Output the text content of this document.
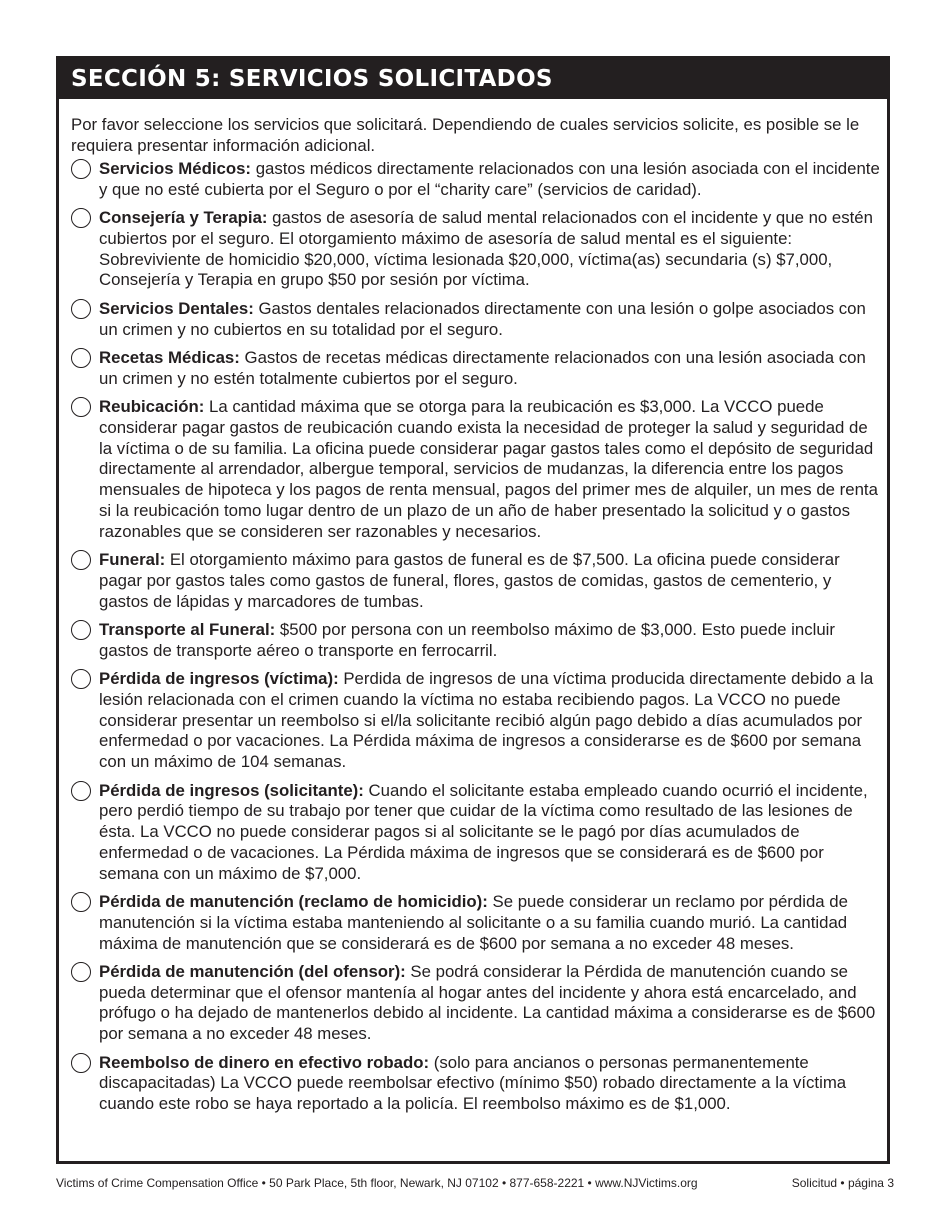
SECCIÓN 5: SERVICIOS SOLICITADOS
Por favor seleccione los servicios que solicitará. Dependiendo de cuales servicios solicite, es posible se le requiera presentar información adicional.
Servicios Médicos: gastos médicos directamente relacionados con una lesión asociada con el incidente y que no esté cubierta por el Seguro o por el “charity care” (servicios de caridad).
Consejería y Terapia: gastos de asesoría de salud mental relacionados con el incidente y que no estén cubiertos por el seguro. El otorgamiento máximo de asesoría de salud mental es el siguiente: Sobreviviente de homicidio $20,000, víctima lesionada $20,000, víctima(as) secundaria (s) $7,000, Consejería y Terapia en grupo $50 por sesión por víctima.
Servicios Dentales: Gastos dentales relacionados directamente con una lesión o golpe asociados con un crimen y no cubiertos en su totalidad por el seguro.
Recetas Médicas: Gastos de recetas médicas directamente relacionados con una lesión asociada con un crimen y no estén totalmente cubiertos por el seguro.
Reubicación: La cantidad máxima que se otorga para la reubicación es $3,000. La VCCO puede considerar pagar gastos de reubicación cuando exista la necesidad de proteger la salud y seguridad de la víctima o de su familia. La oficina puede considerar pagar gastos tales como el depósito de seguridad directamente al arrendador, albergue temporal, servicios de mudanzas, la diferencia entre los pagos mensuales de hipoteca y los pagos de renta mensual, pagos del primer mes de alquiler, un mes de renta si la reubicación tomo lugar dentro de un plazo de un año de haber presentado la solicitud y o gastos razonables que se consideren ser razonables y necesarios.
Funeral: El otorgamiento máximo para gastos de funeral es de $7,500. La oficina puede considerar pagar por gastos tales como gastos de funeral, flores, gastos de comidas, gastos de cementerio, y gastos de lápidas y marcadores de tumbas.
Transporte al Funeral: $500 por persona con un reembolso máximo de $3,000. Esto puede incluir gastos de transporte aéreo o transporte en ferrocarril.
Pérdida de ingresos (víctima): Perdida de ingresos de una víctima producida directamente debido a la lesión relacionada con el crimen cuando la víctima no estaba recibiendo pagos. La VCCO no puede considerar presentar un reembolso si el/la solicitante recibió algún pago debido a días acumulados por enfermedad o por vacaciones. La Pérdida máxima de ingresos a considerarse es de $600 por semana con un máximo de 104 semanas.
Pérdida de ingresos (solicitante): Cuando el solicitante estaba empleado cuando ocurrió el incidente, pero perdió tiempo de su trabajo por tener que cuidar de la víctima como resultado de las lesiones de ésta. La VCCO no puede considerar pagos si al solicitante se le pagó por días acumulados de enfermedad o de vacaciones. La Pérdida máxima de ingresos que se considerará es de $600 por semana con un máximo de $7,000.
Pérdida de manutención (reclamo de homicidio): Se puede considerar un reclamo por pérdida de manutención si la víctima estaba manteniendo al solicitante o a su familia cuando murió. La cantidad máxima de manutención que se considerará es de $600 por semana a no exceder 48 meses.
Pérdida de manutención (del ofensor): Se podrá considerar la Pérdida de manutención cuando se pueda determinar que el ofensor mantenía al hogar antes del incidente y ahora está encarcelado, and prófugo o ha dejado de mantenerlos debido al incidente. La cantidad máxima a considerarse es de $600 por semana a no exceder 48 meses.
Reembolso de dinero en efectivo robado: (solo para ancianos o personas permanentemente discapacitadas) La VCCO puede reembolsar efectivo (mínimo $50) robado directamente a la víctima cuando este robo se haya reportado a la policía. El reembolso máximo es de $1,000.
Victims of Crime Compensation Office • 50 Park Place, 5th floor, Newark, NJ 07102 • 877-658-2221 • www.NJVictims.org	Solicitud • página 3
